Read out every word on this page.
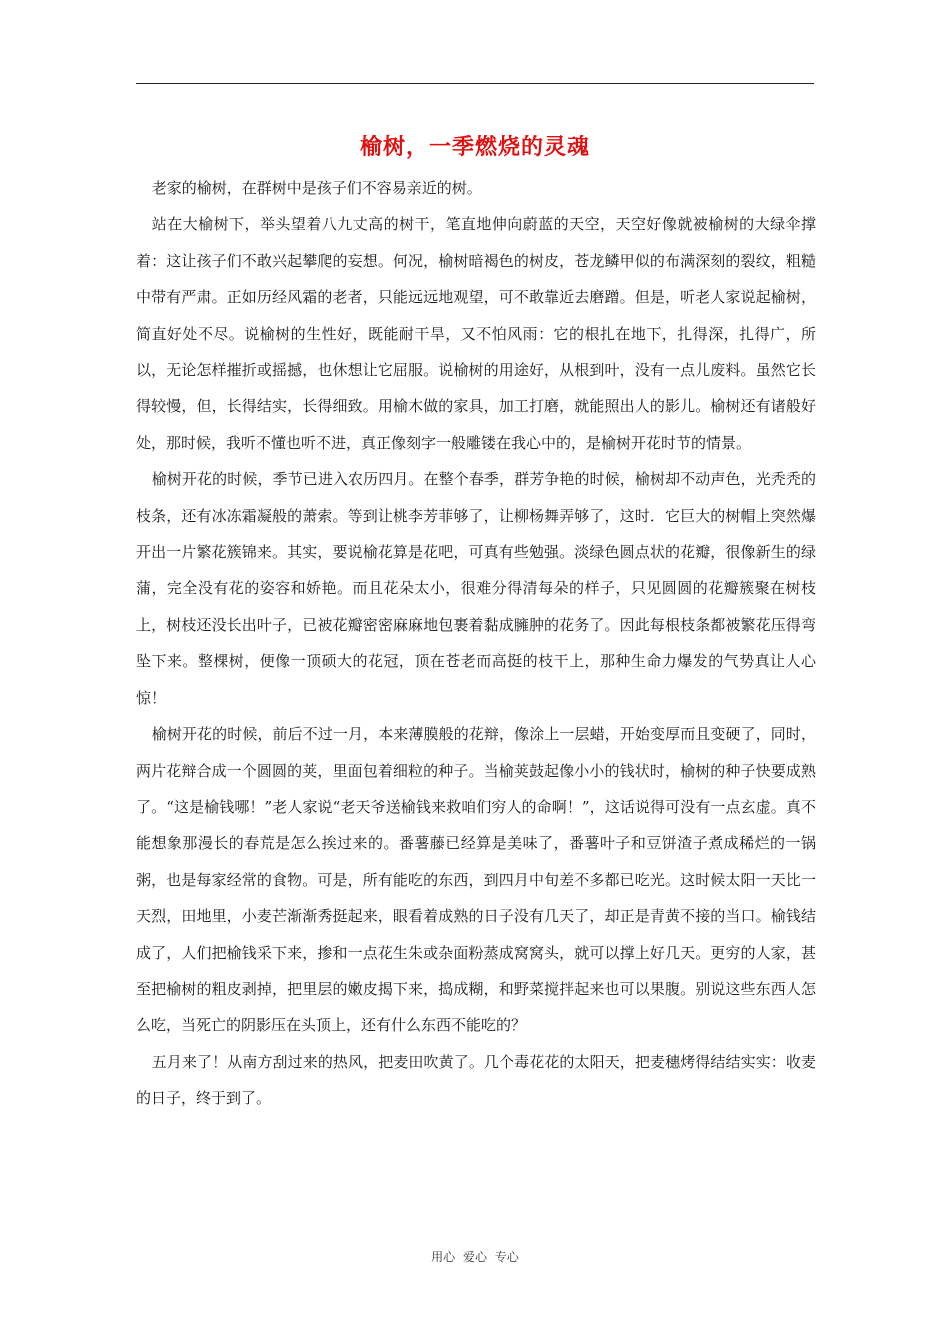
榆树，一季燃烧的灵魂

老家的榆树，在群树中是孩子们不容易亲近的树。

站在大榆树下，举头望着八九丈高的树干，笔直地伸向蔚蓝的天空，天空好像就被榆树的大绿伞撑着：这让孩子们不敢兴起攀爬的妄想。何况，榆树暗褐色的树皮，苍龙鳞甲似的布满深刻的裂纹，粗糙中带有严肃。正如历经风霜的老者，只能远远地观望，可不敢靠近去磨蹭。但是，听老人家说起榆树，简直好处不尽。说榆树的生性好，既能耐干旱，又不怕风雨：它的根扎在地下，扎得深，扎得广，所以，无论怎样摧折或摇撼，也休想让它屈服。说榆树的用途好，从根到叶，没有一点儿废料。虽然它长得较慢，但，长得结实，长得细致。用榆木做的家具，加工打磨，就能照出人的影儿。榆树还有诸般好处，那时候，我听不懂也听不进，真正像刻字一般雕镂在我心中的，是榆树开花时节的情景。

榆树开花的时候，季节已进入农历四月。在整个春季，群芳争艳的时候，榆树却不动声色，光秃秃的枝条，还有冰冻霜凝般的萧索。等到让桃李芳菲够了，让柳杨舞弄够了，这时．它巨大的树帽上突然爆开出一片繁花簇锦来。其实，要说榆花算是花吧，可真有些勉强。淡绿色圆点状的花瓣，很像新生的绿蒲，完全没有花的姿容和娇艳。而且花朵太小，很难分得清每朵的样子，只见圆圆的花瓣簇聚在树枝上，树枝还没长出叶子，已被花瓣密密麻麻地包裹着黏成臃肿的花务了。因此每根枝条都被繁花压得弯坠下来。整棵树，便像一顶硕大的花冠，顶在苍老而高挺的枝干上，那种生命力爆发的气势真让人心惊！

榆树开花的时候，前后不过一月，本来薄膜般的花辩，像涂上一层蜡，开始变厚而且变硬了，同时，两片花辩合成一个圆圆的荚，里面包着细粒的种子。当榆荚鼓起像小小的钱状时，榆树的种子快要成熟了。“这是榆钱哪！”老人家说“老天爷送榆钱来救咱们穷人的命啊！”，这话说得可没有一点玄虚。真不能想象那漫长的春荒是怎么挨过来的。番薯藤已经算是美味了，番薯叶子和豆饼渣子煮成稀烂的一锅粥，也是每家经常的食物。可是，所有能吃的东西，到四月中旬差不多都已吃光。这时候太阳一天比一天烈，田地里，小麦芒渐渐秀挺起来，眼看着成熟的日子没有几天了，却正是青黄不接的当口。榆钱结成了，人们把榆钱采下来，掺和一点花生朱或杂面粉蒸成窝窝头，就可以撑上好几天。更穷的人家，甚至把榆树的粗皮剥掉，把里层的嫩皮揭下来，捣成糊，和野菜搅拌起来也可以果腹。别说这些东西人怎么吃，当死亡的阴影压在头顶上，还有什么东西不能吃的？

五月来了！从南方刮过来的热风，把麦田吹黄了。几个毒花花的太阳天，把麦穗烤得结结实实：收麦的日子，终于到了。

用心 爱心 专心
